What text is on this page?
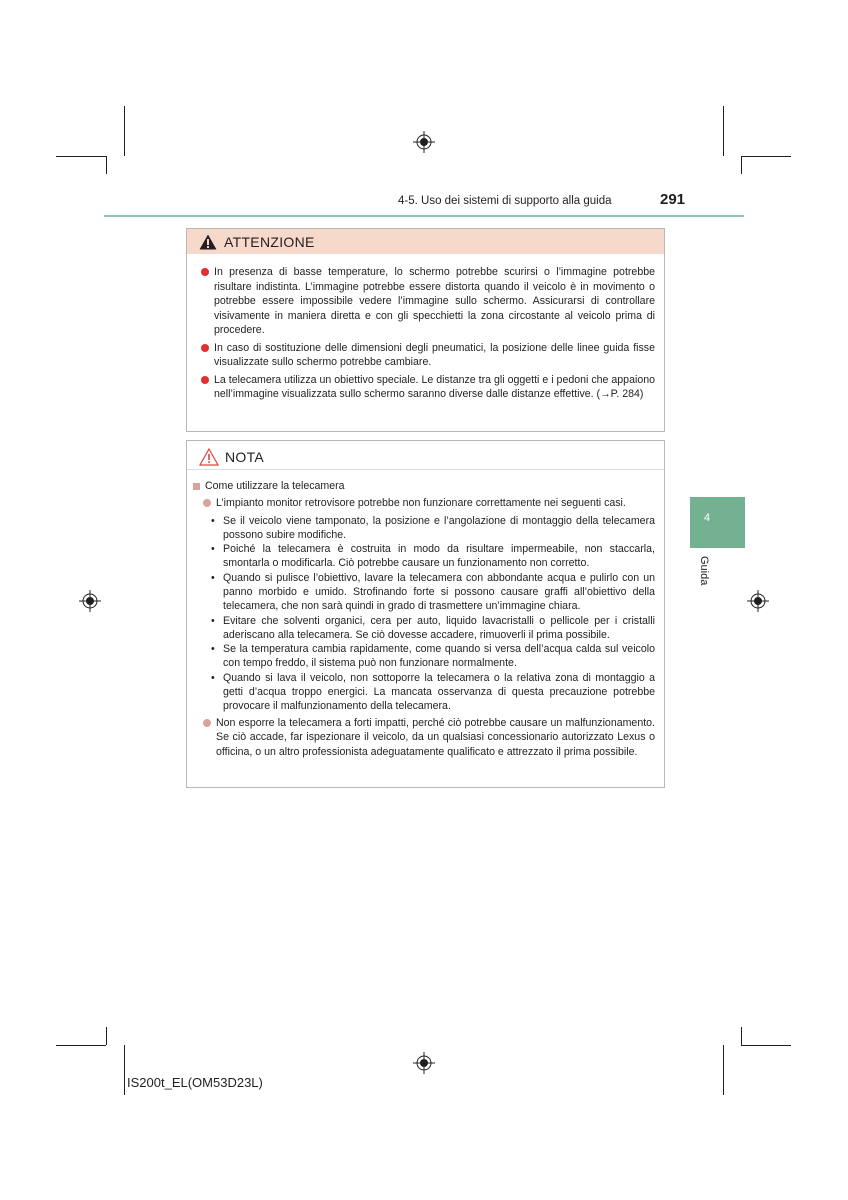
4-5. Uso dei sistemi di supporto alla guida	291
4
Guida
ATTENZIONE
In presenza di basse temperature, lo schermo potrebbe scurirsi o l’immagine potrebbe risultare indistinta. L’immagine potrebbe essere distorta quando il veicolo è in movimento o potrebbe essere impossibile vedere l’immagine sullo schermo. Assicurarsi di controllare visivamente in maniera diretta e con gli specchietti la zona circostante al veicolo prima di procedere.
In caso di sostituzione delle dimensioni degli pneumatici, la posizione delle linee guida fisse visualizzate sullo schermo potrebbe cambiare.
La telecamera utilizza un obiettivo speciale. Le distanze tra gli oggetti e i pedoni che appaiono nell’immagine visualizzata sullo schermo saranno diverse dalle distanze effettive. (→P. 284)
NOTA
Come utilizzare la telecamera
L’impianto monitor retrovisore potrebbe non funzionare correttamente nei seguenti casi.
• Se il veicolo viene tamponato, la posizione e l’angolazione di montaggio della telecamera possono subire modifiche.
• Poiché la telecamera è costruita in modo da risultare impermeabile, non staccarla, smontarla o modificarla. Ciò potrebbe causare un funzionamento non corretto.
• Quando si pulisce l’obiettivo, lavare la telecamera con abbondante acqua e pulirlo con un panno morbido e umido. Strofinando forte si possono causare graffi all’obiettivo della telecamera, che non sarà quindi in grado di trasmettere un’immagine chiara.
• Evitare che solventi organici, cera per auto, liquido lavacristalli o pellicole per i cristalli aderiscano alla telecamera. Se ciò dovesse accadere, rimuoverli il prima possibile.
• Se la temperatura cambia rapidamente, come quando si versa dell’acqua calda sul veicolo con tempo freddo, il sistema può non funzionare normalmente.
• Quando si lava il veicolo, non sottoporre la telecamera o la relativa zona di montaggio a getti d’acqua troppo energici. La mancata osservanza di questa precauzione potrebbe provocare il malfunzionamento della telecamera.
Non esporre la telecamera a forti impatti, perché ciò potrebbe causare un malfunzionamento. Se ciò accade, far ispezionare il veicolo, da un qualsiasi concessionario autorizzato Lexus o officina, o un altro professionista adeguatamente qualificato e attrezzato il prima possibile.
IS200t_EL(OM53D23L)
